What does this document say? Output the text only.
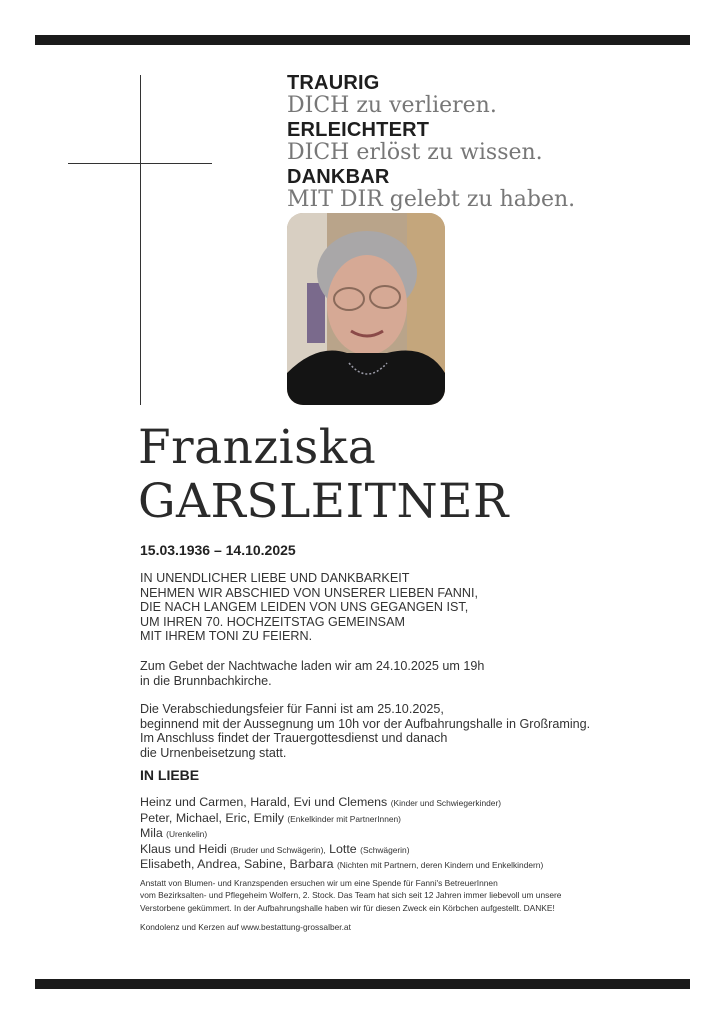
TRAURIG
DICH zu verlieren.
ERLEICHTERT
DICH erlöst zu wissen.
DANKBAR
MIT DIR gelebt zu haben.
Franziska
GARSLEITNER
15.03.1936 – 14.10.2025
IN UNENDLICHER LIEBE UND DANKBARKEIT
NEHMEN WIR ABSCHIED VON UNSERER LIEBEN FANNI,
DIE NACH LANGEM LEIDEN VON UNS GEGANGEN IST,
UM IHREN 70. HOCHZEITSTAG GEMEINSAM
MIT IHREM TONI ZU FEIERN.
Zum Gebet der Nachtwache laden wir am 24.10.2025 um 19h
in die Brunnbachkirche.
Die Verabschiedungsfeier für Fanni ist am 25.10.2025,
beginnend mit der Aussegnung um 10h vor der Aufbahrungshalle in Großraming.
Im Anschluss findet der Trauergottesdienst und danach
die Urnenbeisetzung statt.
IN LIEBE
Heinz und Carmen, Harald, Evi und Clemens (Kinder und Schwiegerkinder)
Peter, Michael, Eric, Emily (Enkelkinder mit PartnerInnen)
Mila (Urenkelin)
Klaus und Heidi (Bruder und Schwägerin), Lotte (Schwägerin)
Elisabeth, Andrea, Sabine, Barbara (Nichten mit Partnern, deren Kindern und Enkelkindern)
Anstatt von Blumen- und Kranzspenden ersuchen wir um eine Spende für Fanni's BetreuerInnen
vom Bezirksalten- und Pflegeheim Wolfern, 2. Stock. Das Team hat sich seit 12 Jahren immer liebevoll um unsere
Verstorbene gekümmert. In der Aufbahrungshalle haben wir für diesen Zweck ein Körbchen aufgestellt. DANKE!
Kondolenz und Kerzen auf www.bestattung-grossalber.at
